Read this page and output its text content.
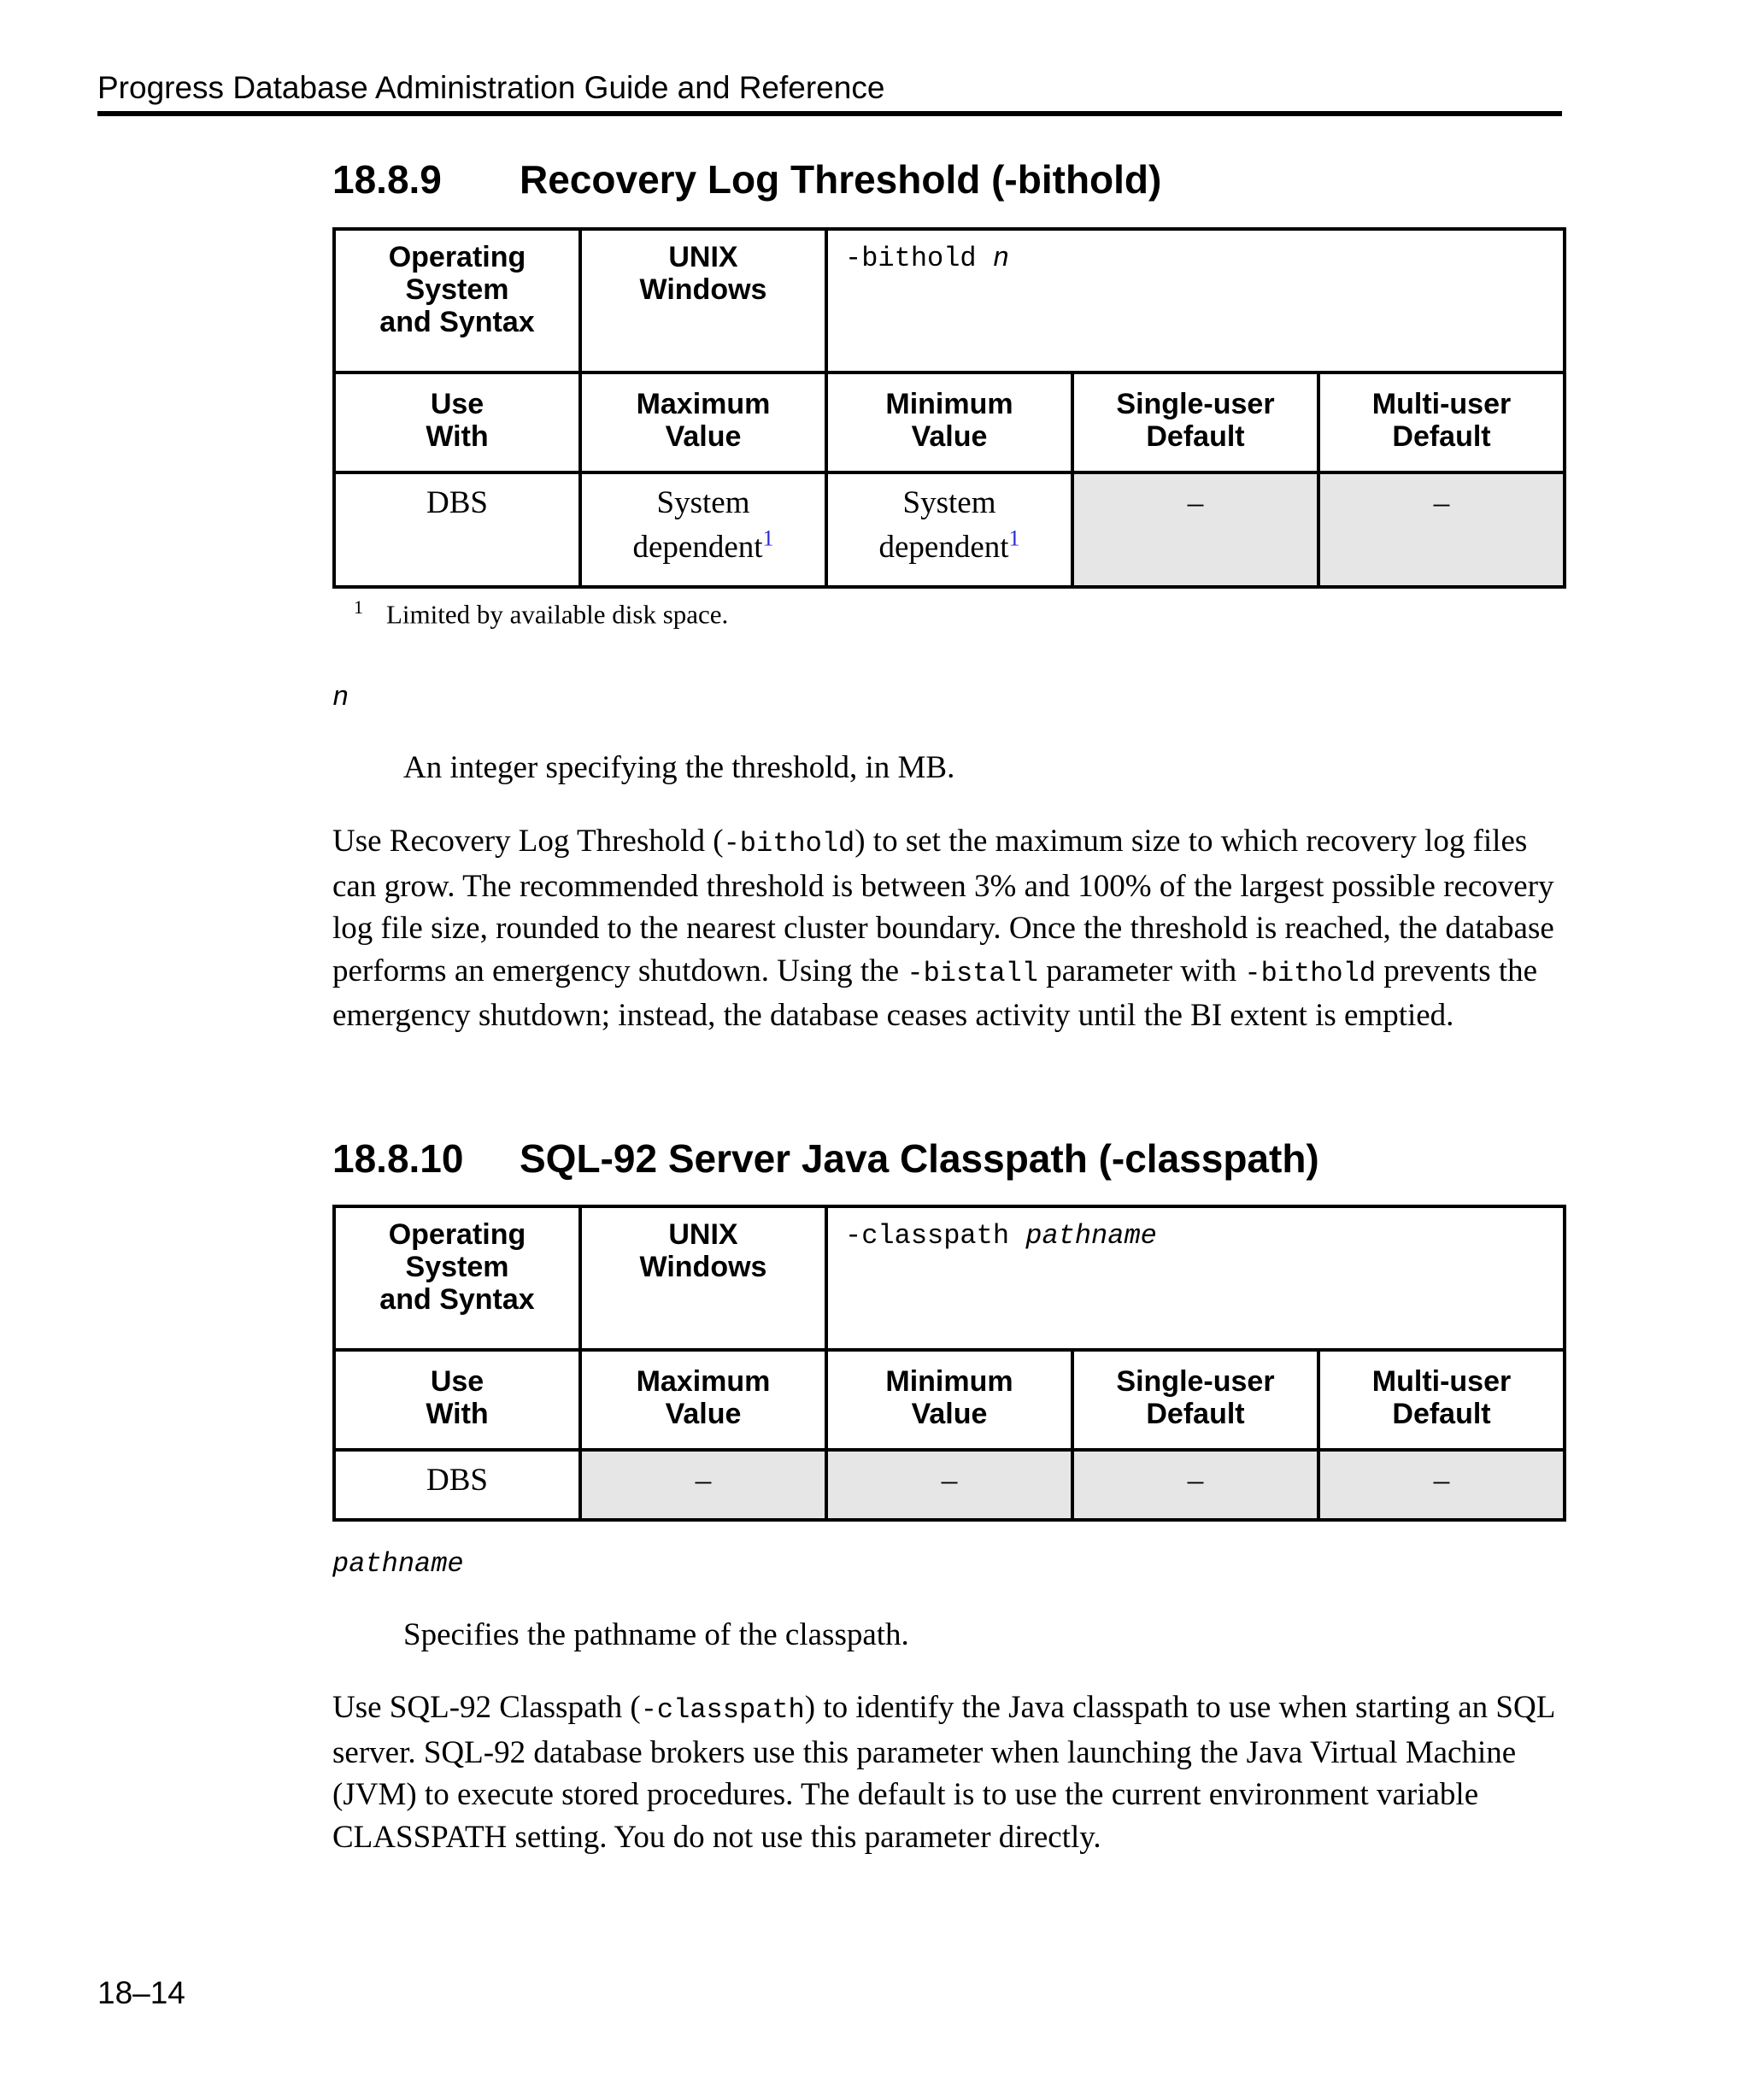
Progress Database Administration Guide and Reference
18.8.9 Recovery Log Threshold (-bithold)
Operating
System
and Syntax	UNIX
Windows	-bithold n		

Use
With	Maximum
Value	Minimum
Value	Single-user
Default	Multi-user
Default

DBS	System
dependent$^1$	System
dependent$^1$	–	–
1 Limited by available disk space.
n
An integer specifying the threshold, in MB.

Use Recovery Log Threshold (-bithold) to set the maximum size to which recovery log files can grow. The recommended threshold is between 3% and 100% of the largest possible recovery log file size, rounded to the nearest cluster boundary. Once the threshold is reached, the database performs an emergency shutdown. Using the -bistall parameter with -bithold prevents the emergency shutdown; instead, the database ceases activity until the BI extent is emptied.

18.8.10 SQL-92 Server Java Classpath (-classpath)
Operating
System
and Syntax	UNIX
Windows	-classpath pathname		

Use
With	Maximum
Value	Minimum
Value	Single-user
Default	Multi-user
Default

DBS	–	–	–	–
pathname
Specifies the pathname of the classpath.

Use SQL-92 Classpath (-classpath) to identify the Java classpath to use when starting an SQL server. SQL-92 database brokers use this parameter when launching the Java Virtual Machine (JVM) to execute stored procedures. The default is to use the current environment variable CLASSPATH setting. You do not use this parameter directly.

18–14
